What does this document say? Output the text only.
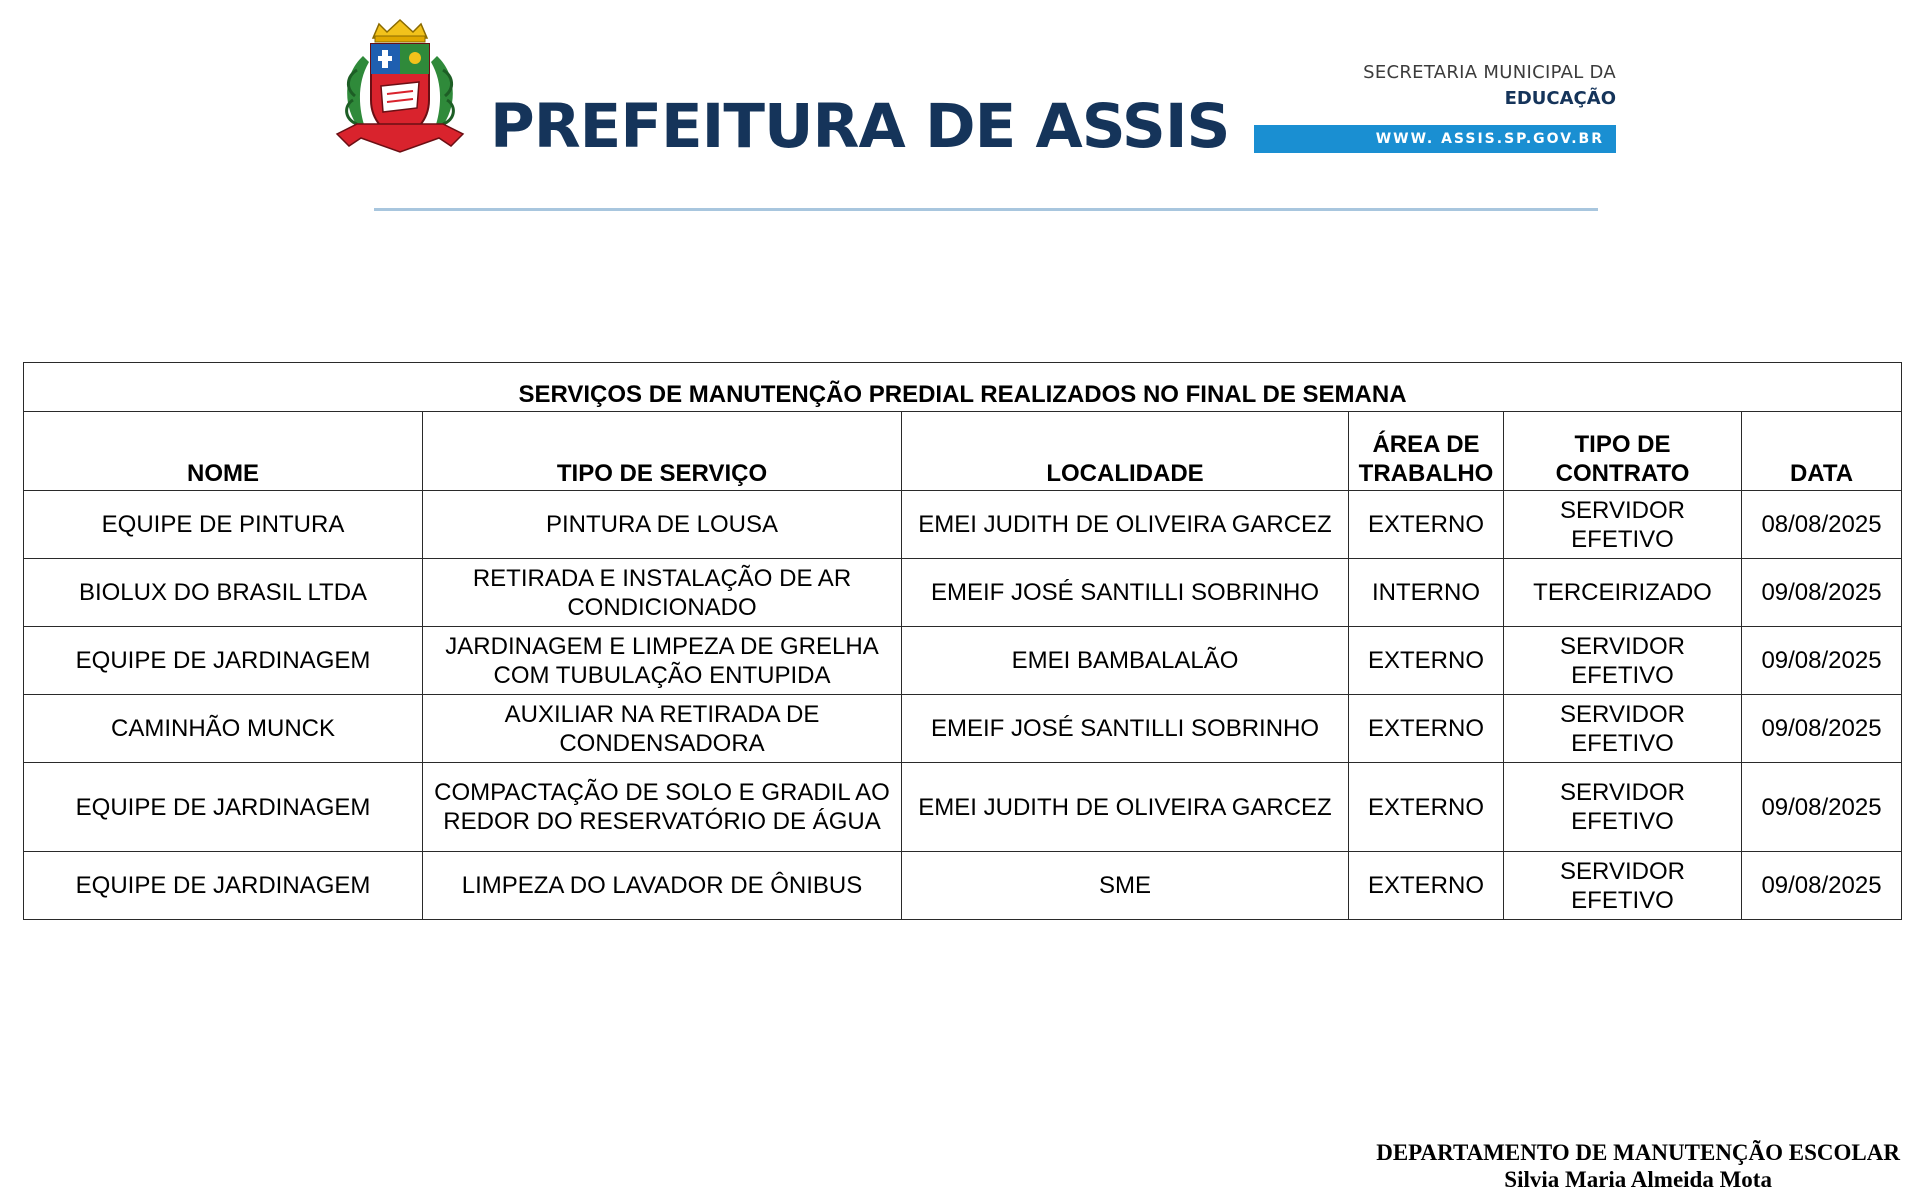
PREFEITURA DE ASSIS
SECRETARIA MUNICIPAL DA
EDUCAÇÃO
WWW. ASSIS.SP.GOV.BR
SERVIÇOS DE MANUTENÇÃO PREDIAL REALIZADOS NO FINAL DE SEMANA					
NOME	TIPO DE SERVIÇO	LOCALIDADE	ÁREA DE TRABALHO	TIPO DE CONTRATO	DATA
EQUIPE DE PINTURA	PINTURA DE LOUSA	EMEI JUDITH DE OLIVEIRA GARCEZ	EXTERNO	SERVIDOR EFETIVO	08/08/2025
BIOLUX DO BRASIL LTDA	RETIRADA E INSTALAÇÃO DE AR CONDICIONADO	EMEIF JOSÉ SANTILLI SOBRINHO	INTERNO	TERCEIRIZADO	09/08/2025
EQUIPE DE JARDINAGEM	JARDINAGEM E LIMPEZA DE GRELHA COM TUBULAÇÃO ENTUPIDA	EMEI BAMBALALÃO	EXTERNO	SERVIDOR EFETIVO	09/08/2025
CAMINHÃO MUNCK	AUXILIAR NA RETIRADA DE CONDENSADORA	EMEIF JOSÉ SANTILLI SOBRINHO	EXTERNO	SERVIDOR EFETIVO	09/08/2025
EQUIPE DE JARDINAGEM	COMPACTAÇÃO DE SOLO E GRADIL AO REDOR DO RESERVATÓRIO DE ÁGUA	EMEI JUDITH DE OLIVEIRA GARCEZ	EXTERNO	SERVIDOR EFETIVO	09/08/2025
EQUIPE DE JARDINAGEM	LIMPEZA DO LAVADOR DE ÔNIBUS	SME	EXTERNO	SERVIDOR EFETIVO	09/08/2025
DEPARTAMENTO DE MANUTENÇÃO ESCOLAR
Silvia Maria Almeida Mota
